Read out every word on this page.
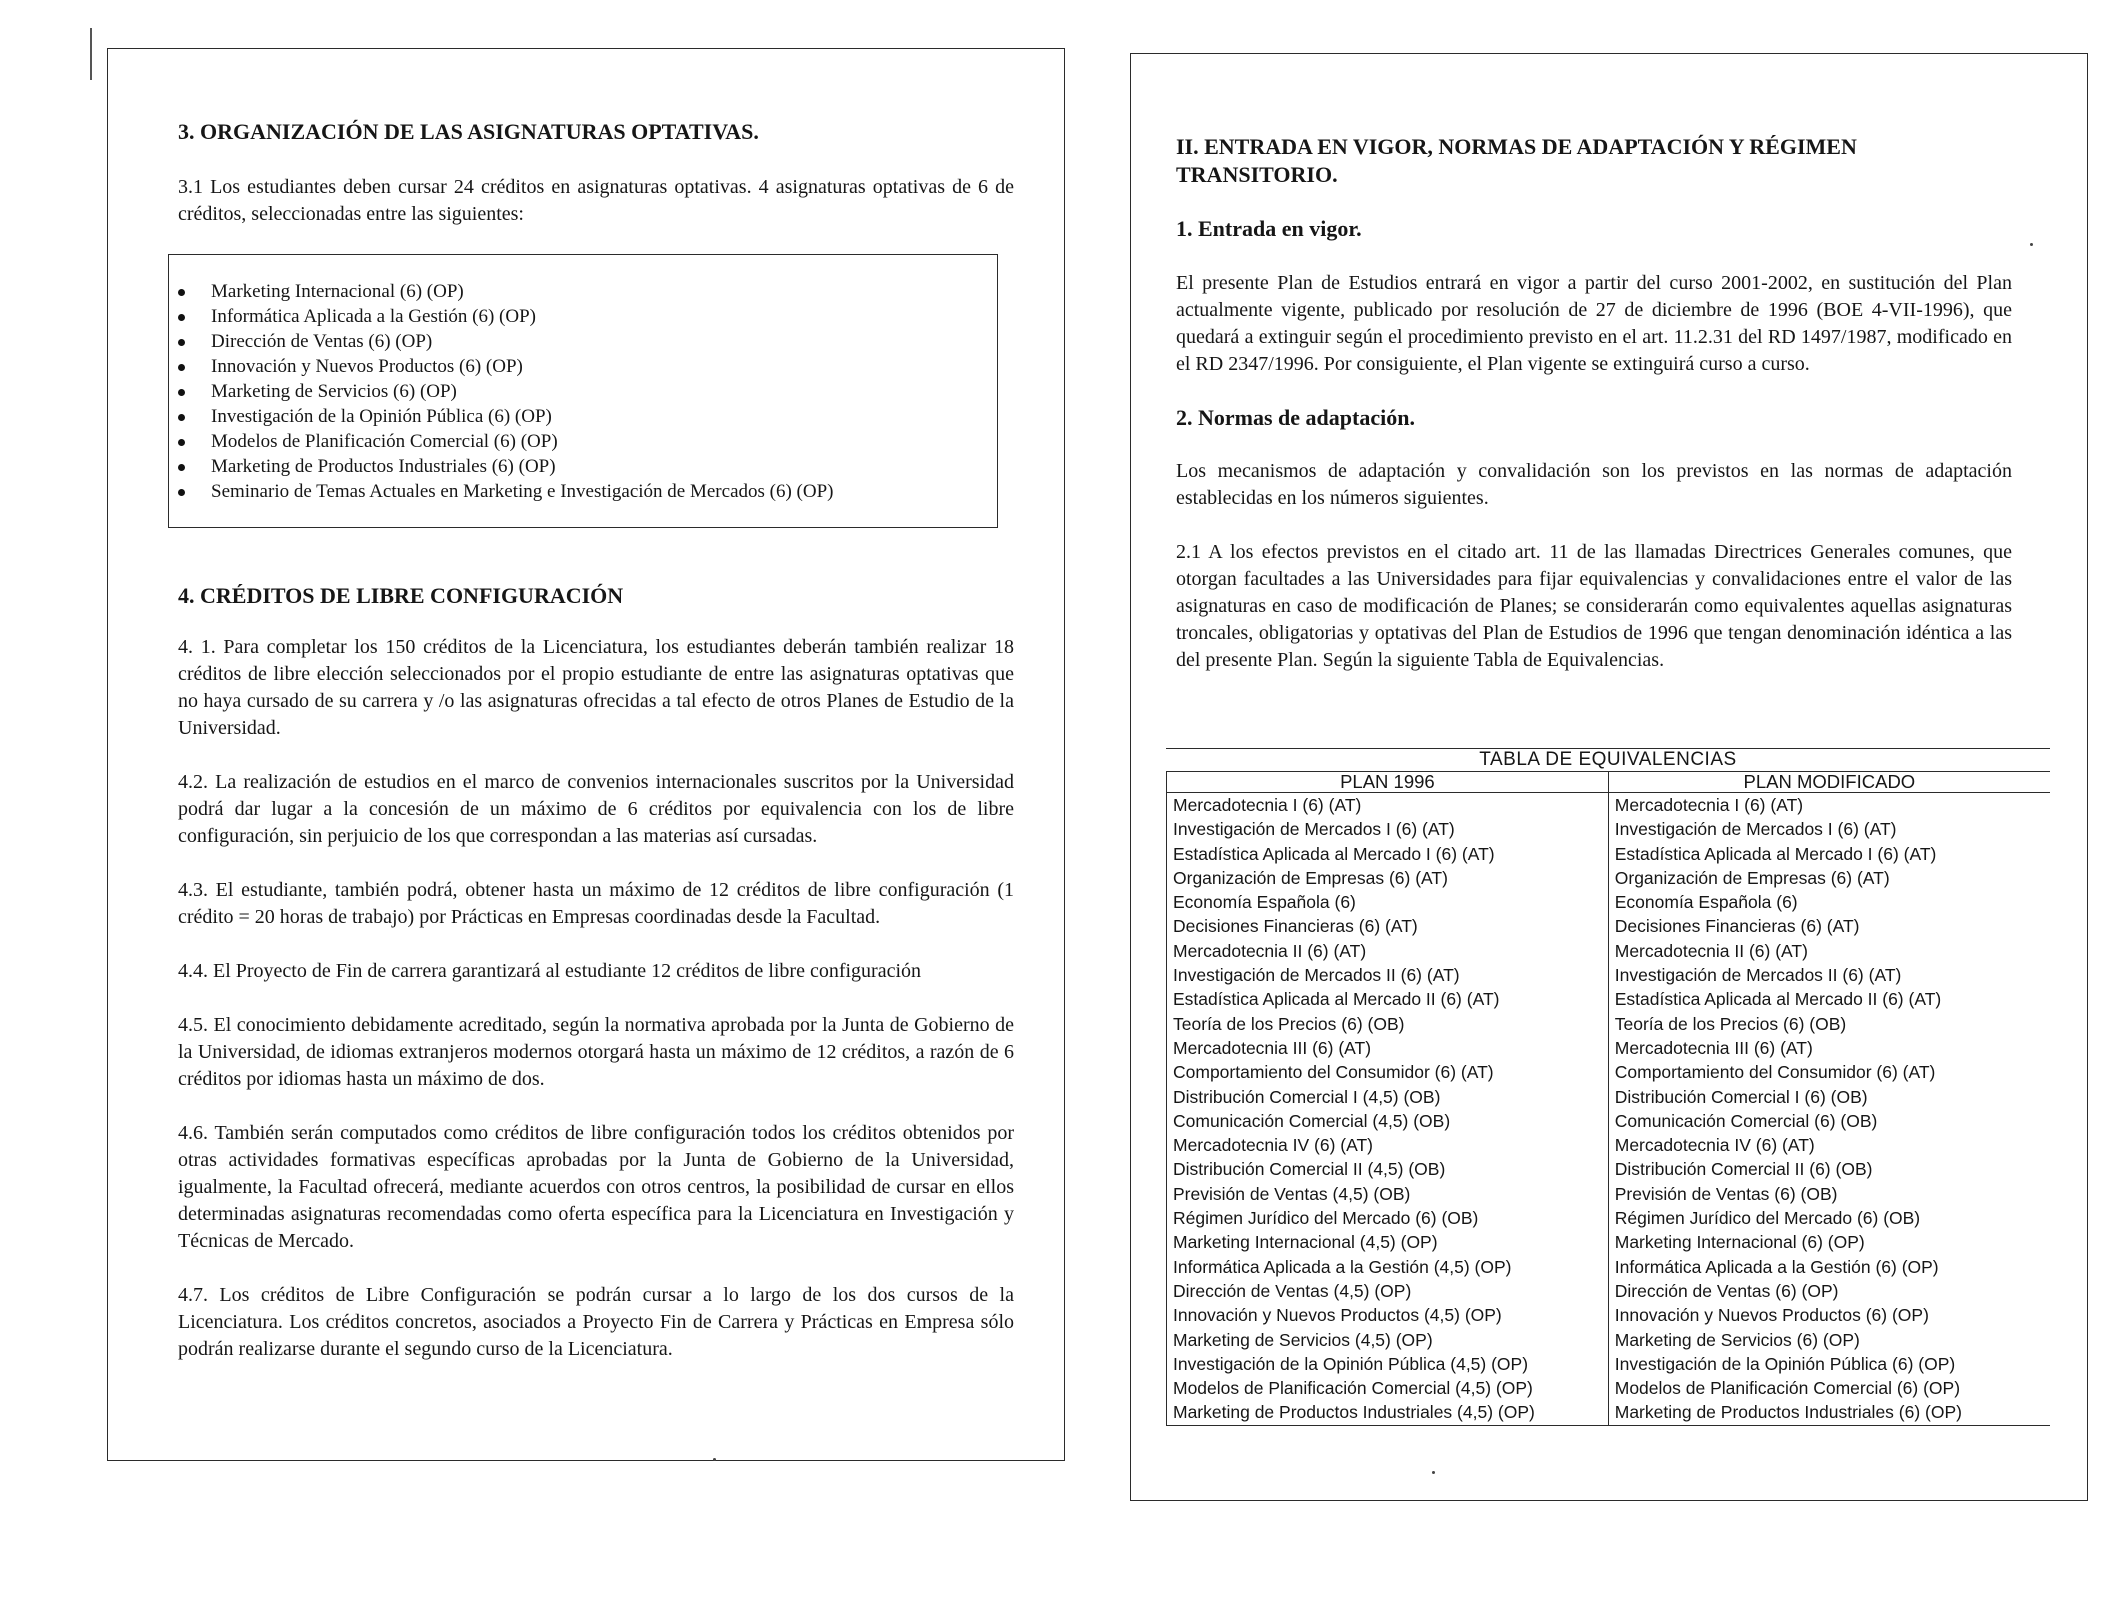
3. ORGANIZACIÓN DE LAS ASIGNATURAS OPTATIVAS.

3.1 Los estudiantes deben cursar 24 créditos en asignaturas optativas. 4 asignaturas optativas de 6 de créditos, seleccionadas entre las siguientes:

Marketing Internacional (6) (OP)
Informática Aplicada a la Gestión (6) (OP)
Dirección de Ventas (6) (OP)
Innovación y Nuevos Productos (6) (OP)
Marketing de Servicios (6) (OP)
Investigación de la Opinión Pública (6) (OP)
Modelos de Planificación Comercial (6) (OP)
Marketing de Productos Industriales (6) (OP)
Seminario de Temas Actuales en Marketing e Investigación de Mercados (6) (OP)
4. CRÉDITOS DE LIBRE CONFIGURACIÓN

4. 1. Para completar los 150 créditos de la Licenciatura, los estudiantes deberán también realizar 18 créditos de libre elección seleccionados por el propio estudiante de entre las asignaturas optativas que no haya cursado de su carrera y /o las asignaturas ofrecidas a tal efecto de otros Planes de Estudio de la Universidad.

4.2. La realización de estudios en el marco de convenios internacionales suscritos por la Universidad podrá dar lugar a la concesión de un máximo de 6 créditos por equivalencia con los de libre configuración, sin perjuicio de los que correspondan a las materias así cursadas.

4.3. El estudiante, también podrá, obtener hasta un máximo de 12 créditos de libre configuración (1 crédito = 20 horas de trabajo) por Prácticas en Empresas coordinadas desde la Facultad.

4.4. El Proyecto de Fin de carrera garantizará al estudiante 12 créditos de libre configuración

4.5. El conocimiento debidamente acreditado, según la normativa aprobada por la Junta de Gobierno de la Universidad, de idiomas extranjeros modernos otorgará hasta un máximo de 12 créditos, a razón de 6 créditos por idiomas hasta un máximo de dos.

4.6. También serán computados como créditos de libre configuración todos los créditos obtenidos por otras actividades formativas específicas aprobadas por la Junta de Gobierno de la Universidad, igualmente, la Facultad ofrecerá, mediante acuerdos con otros centros, la posibilidad de cursar en ellos determinadas asignaturas recomendadas como oferta específica para la Licenciatura en Investigación y Técnicas de Mercado.

4.7. Los créditos de Libre Configuración se podrán cursar a lo largo de los dos cursos de la Licenciatura. Los créditos concretos, asociados a Proyecto Fin de Carrera y Prácticas en Empresa sólo podrán realizarse durante el segundo curso de la Licenciatura.

II. ENTRADA EN VIGOR, NORMAS DE ADAPTACIÓN Y RÉGIMEN TRANSITORIO.
1. Entrada en vigor.

El presente Plan de Estudios entrará en vigor a partir del curso 2001-2002, en sustitución del Plan actualmente vigente, publicado por resolución de 27 de diciembre de 1996 (BOE 4-VII-1996), que quedará a extinguir según el procedimiento previsto en el art. 11.2.31 del RD 1497/1987, modificado en el RD 2347/1996. Por consiguiente, el Plan vigente se extinguirá curso a curso.

2. Normas de adaptación.

Los mecanismos de adaptación y convalidación son los previstos en las normas de adaptación establecidas en los números siguientes.

2.1 A los efectos previstos en el citado art. 11 de las llamadas Directrices Generales comunes, que otorgan facultades a las Universidades para fijar equivalencias y convalidaciones entre el valor de las asignaturas en caso de modificación de Planes; se considerarán como equivalentes aquellas asignaturas troncales, obligatorias y optativas del Plan de Estudios de 1996 que tengan denominación idéntica a las del presente Plan. Según la siguiente Tabla de Equivalencias.

TABLA DE EQUIVALENCIAS
PLAN 1996	PLAN MODIFICADO
Mercadotecnia I (6) (AT)	Mercadotecnia I (6) (AT)
Investigación de Mercados I (6) (AT)	Investigación de Mercados I (6) (AT)
Estadística Aplicada al Mercado I (6) (AT)	Estadística Aplicada al Mercado I (6) (AT)
Organización de Empresas (6) (AT)	Organización de Empresas (6) (AT)
Economía Española (6)	Economía Española (6)
Decisiones Financieras (6) (AT)	Decisiones Financieras (6) (AT)
Mercadotecnia II (6) (AT)	Mercadotecnia II (6) (AT)
Investigación de Mercados II (6) (AT)	Investigación de Mercados II (6) (AT)
Estadística Aplicada al Mercado II (6) (AT)	Estadística Aplicada al Mercado II (6) (AT)
Teoría de los Precios (6) (OB)	Teoría de los Precios (6) (OB)
Mercadotecnia III (6) (AT)	Mercadotecnia III (6) (AT)
Comportamiento del Consumidor (6) (AT)	Comportamiento del Consumidor (6) (AT)
Distribución Comercial I (4,5) (OB)	Distribución Comercial I (6) (OB)
Comunicación Comercial (4,5) (OB)	Comunicación Comercial (6) (OB)
Mercadotecnia IV (6) (AT)	Mercadotecnia IV (6) (AT)
Distribución Comercial II (4,5) (OB)	Distribución Comercial II (6) (OB)
Previsión de Ventas (4,5) (OB)	Previsión de Ventas (6) (OB)
Régimen Jurídico del Mercado (6) (OB)	Régimen Jurídico del Mercado (6) (OB)
Marketing Internacional (4,5) (OP)	Marketing Internacional (6) (OP)
Informática Aplicada a la Gestión (4,5) (OP)	Informática Aplicada a la Gestión (6) (OP)
Dirección de Ventas (4,5) (OP)	Dirección de Ventas (6) (OP)
Innovación y Nuevos Productos (4,5) (OP)	Innovación y Nuevos Productos (6) (OP)
Marketing de Servicios (4,5) (OP)	Marketing de Servicios (6) (OP)
Investigación de la Opinión Pública (4,5) (OP)	Investigación de la Opinión Pública (6) (OP)
Modelos de Planificación Comercial (4,5) (OP)	Modelos de Planificación Comercial (6) (OP)
Marketing de Productos Industriales (4,5) (OP)	Marketing de Productos Industriales (6) (OP)
